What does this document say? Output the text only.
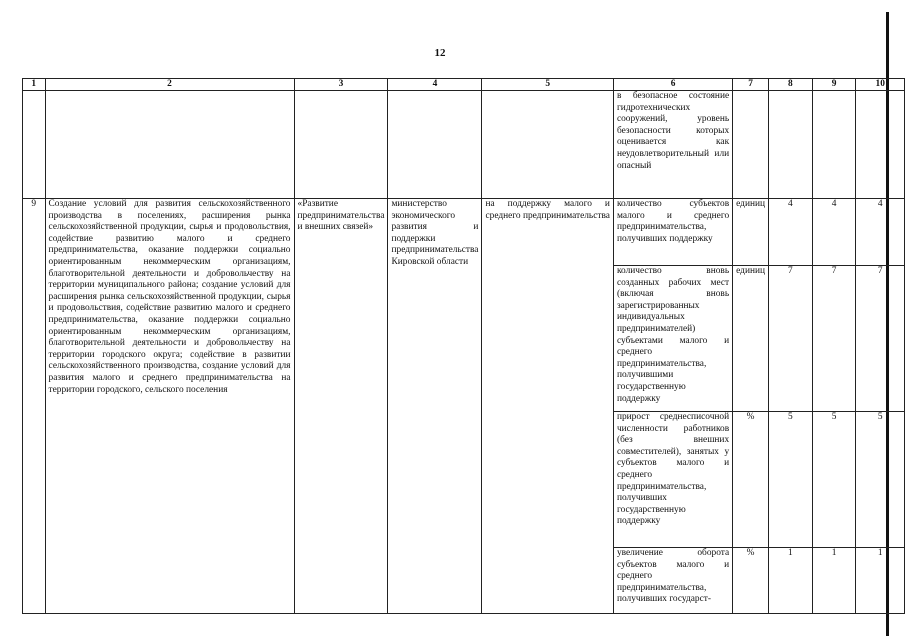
12
1	2	3	4	5	6	7	8	9	10
					в безопасное состояние гидротехнических сооружений, уровень безопасности которых оценивается как неудовлетворительный или опасный				
9	Создание условий для развития сельскохозяйственного производства в поселениях, расширения рынка сельскохозяйственной продукции, сырья и продовольствия, содействие развитию малого и среднего предпринимательства, оказание поддержки социально ориентированным некоммерческим организациям, благотворительной деятельности и добровольчеству на территории муниципального района; создание условий для расширения рынка сельскохозяйственной продукции, сырья и продовольствия, содействие развитию малого и среднего предпринимательства, оказание поддержки социально ориентированным некоммерческим организациям, благотворительной деятельности и добровольчеству на территории городского округа; содействие в развитии сельскохозяйственного производства, создание условий для развития малого и среднего предпринимательства на территории городского, сельского поселения	«Развитие предпринимательства и внешних связей»	министерство экономического развития и поддержки предпринимательства Кировской области	на поддержку малого и среднего предпринимательства	количество субъектов малого и среднего предпринимательства, получивших поддержку	единиц	4	4	4
					количество вновь созданных рабочих мест (включая вновь зарегистрированных индивидуальных предпринимателей) субъектами малого и среднего предпринимательства, получившими государственную поддержку	единиц	7	7	7
					прирост среднесписочной численности работников (без внешних совместителей), занятых у субъектов малого и среднего предпринимательства, получивших государственную поддержку	%	5	5	5
					увеличение оборота субъектов малого и среднего предпринимательства, получивших государст-	%	1	1	1
